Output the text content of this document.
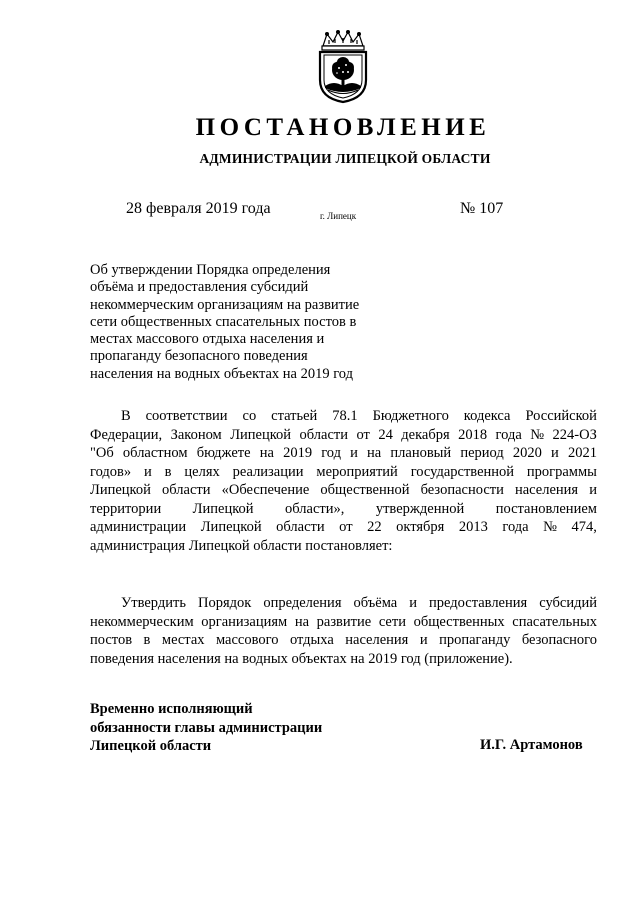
ПОСТАНОВЛЕНИЕ
АДМИНИСТРАЦИИ ЛИПЕЦКОЙ ОБЛАСТИ
28 февраля 2019 года	г. Липецк	№ 107
Об утверждении Порядка определения
объёма и предоставления субсидий
некоммерческим организациям на развитие
сети общественных спасательных постов в
местах массового отдыха населения и
пропаганду безопасного поведения
населения на водных объектах на 2019 год
В соответствии со статьей 78.1 Бюджетного кодекса Российской
Федерации, Законом Липецкой области от 24 декабря 2018 года № 224-ОЗ
"Об областном бюджете на 2019 год и на плановый период 2020 и 2021
годов» и в целях реализации мероприятий государственной программы
Липецкой области «Обеспечение общественной безопасности населения и
территории Липецкой области», утвержденной постановлением
администрации Липецкой области от 22 октября 2013 года № 474,
администрация Липецкой области постановляет:
Утвердить Порядок определения объёма и предоставления субсидий
некоммерческим организациям на развитие сети общественных спасательных
постов в местах массового отдыха населения и пропаганду безопасного
поведения населения на водных объектах на 2019 год (приложение).
Временно исполняющий
обязанности главы администрации
Липецкой области	И.Г. Артамонов
